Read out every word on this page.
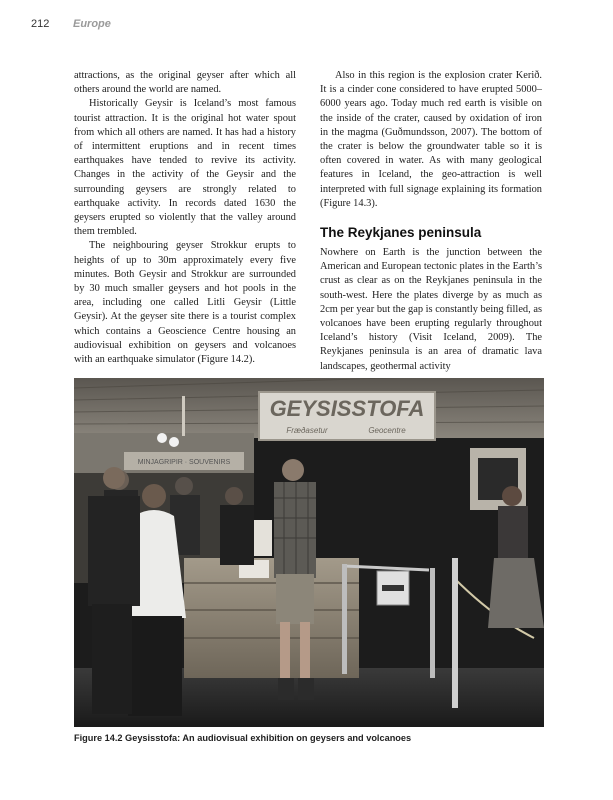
212 Europe

attractions, as the original geyser after which all others around the world are named.

Historically Geysir is Iceland’s most famous tourist attraction. It is the original hot water spout from which all others are named. It has had a history of intermittent eruptions and in recent times earthquakes have tended to revive its activity. Changes in the activity of the Geysir and the surrounding geysers are strongly related to earthquake activity. In records dated 1630 the geysers erupted so violently that the valley around them trembled.

The neighbouring geyser Strokkur erupts to heights of up to 30m approximately every five minutes. Both Geysir and Strokkur are surrounded by 30 much smaller geysers and hot pools in the area, including one called Litli Geysir (Little Geysir). At the geyser site there is a tourist complex which contains a Geoscience Centre housing an audiovisual exhibition on geysers and volcanoes with an earthquake simulator (Figure 14.2).

Also in this region is the explosion crater Kerið. It is a cinder cone considered to have erupted 5000–6000 years ago. Today much red earth is visible on the inside of the crater, caused by oxidation of iron in the magma (Guðmundsson, 2007). The bottom of the crater is below the groundwater table so it is often covered in water. As with many geological features in Iceland, the geo-attraction is well interpreted with full signage explaining its formation (Figure 14.3).

The Reykjanes peninsula

Nowhere on Earth is the junction between the American and European tectonic plates in the Earth’s crust as clear as on the Reykjanes peninsula in the south-west. Here the plates diverge by as much as 2cm per year but the gap is constantly being filled, as volcanoes have been erupting regularly throughout Iceland’s history (Visit Iceland, 2009). The Reykjanes peninsula is an area of dramatic lava landscapes, geothermal activity

GEYSISSTOFA
Fræðasetur	Geocentre
MINJAGRIPIR · SOUVENIRS
Figure 14.2 Geysisstofa: An audiovisual exhibition on geysers and volcanoes
